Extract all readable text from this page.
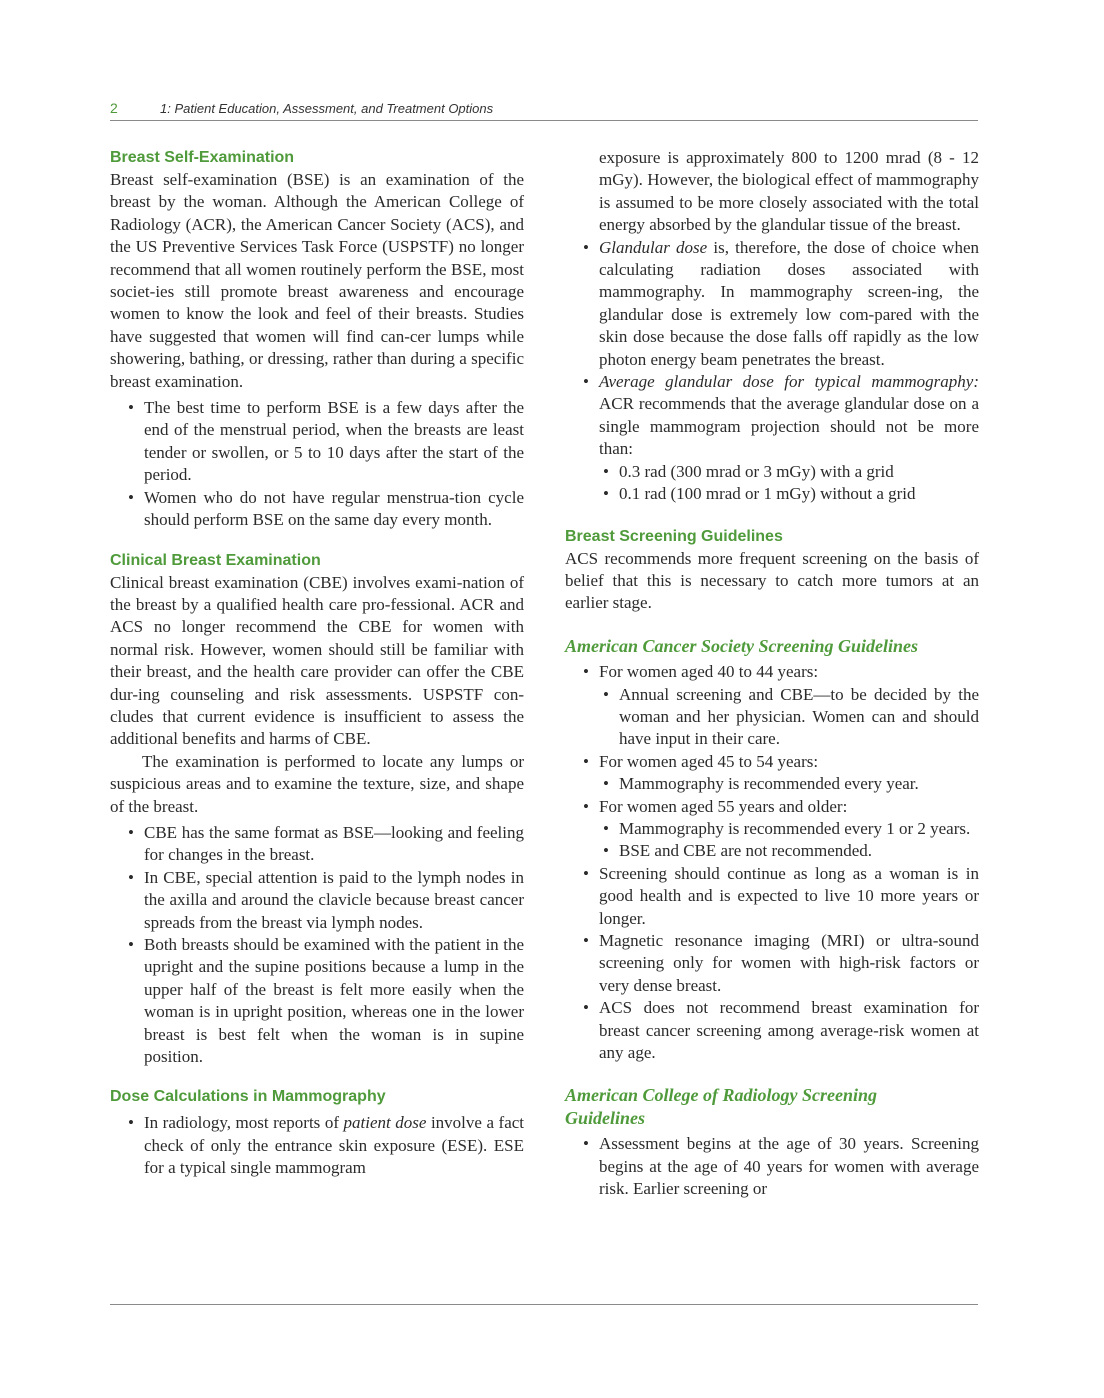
2	1: Patient Education, Assessment, and Treatment Options
Breast Self-Examination

Breast self-examination (BSE) is an examination of the breast by the woman. Although the American College of Radiology (ACR), the American Cancer Society (ACS), and the US Preventive Services Task Force (USPSTF) no longer recommend that all women routinely perform the BSE, most societ-ies still promote breast awareness and encourage women to know the look and feel of their breasts. Studies have suggested that women will find can-cer lumps while showering, bathing, or dressing, rather than during a specific breast examination.

• The best time to perform BSE is a few days after the end of the menstrual period, when the breasts are least tender or swollen, or 5 to 10 days after the start of the period.
• Women who do not have regular menstrua-tion cycle should perform BSE on the same day every month.
Clinical Breast Examination

Clinical breast examination (CBE) involves exami-nation of the breast by a qualified health care pro-fessional. ACR and ACS no longer recommend the CBE for women with normal risk. However, women should still be familiar with their breast, and the health care provider can offer the CBE dur-ing counseling and risk assessments. USPSTF con-cludes that current evidence is insufficient to assess the additional benefits and harms of CBE.

The examination is performed to locate any lumps or suspicious areas and to examine the texture, size, and shape of the breast.

• CBE has the same format as BSE—looking and feeling for changes in the breast.
• In CBE, special attention is paid to the lymph nodes in the axilla and around the clavicle because breast cancer spreads from the breast via lymph nodes.
• Both breasts should be examined with the patient in the upright and the supine positions because a lump in the upper half of the breast is felt more easily when the woman is in upright position, whereas one in the lower breast is best felt when the woman is in supine position.
Dose Calculations in Mammography
• In radiology, most reports of patient dose involve a fact check of only the entrance skin exposure (ESE). ESE for a typical single mammogram

exposure is approximately 800 to 1200 mrad (8 - 12 mGy). However, the biological effect of mammography is assumed to be more closely associated with the total energy absorbed by the glandular tissue of the breast.

• Glandular dose is, therefore, the dose of choice when calculating radiation doses associated with mammography. In mammography screen-ing, the glandular dose is extremely low com-pared with the skin dose because the dose falls off rapidly as the low photon energy beam penetrates the breast.
• Average glandular dose for typical mammography: ACR recommends that the average glandular dose on a single mammogram projection should not be more than:
• 0.3 rad (300 mrad or 3 mGy) with a grid
• 0.1 rad (100 mrad or 1 mGy) without a grid
Breast Screening Guidelines

ACS recommends more frequent screening on the basis of belief that this is necessary to catch more tumors at an earlier stage.

American Cancer Society Screening Guidelines
• For women aged 40 to 44 years:
• Annual screening and CBE—to be decided by the woman and her physician. Women can and should have input in their care.
• For women aged 45 to 54 years:
• Mammography is recommended every year.
• For women aged 55 years and older:
• Mammography is recommended every 1 or 2 years.
• BSE and CBE are not recommended.
• Screening should continue as long as a woman is in good health and is expected to live 10 more years or longer.
• Magnetic resonance imaging (MRI) or ultra-sound screening only for women with high-risk factors or very dense breast.
• ACS does not recommend breast examination for breast cancer screening among average-risk women at any age.
American College of Radiology Screening
Guidelines
• Assessment begins at the age of 30 years. Screening begins at the age of 40 years for women with average risk. Earlier screening or
